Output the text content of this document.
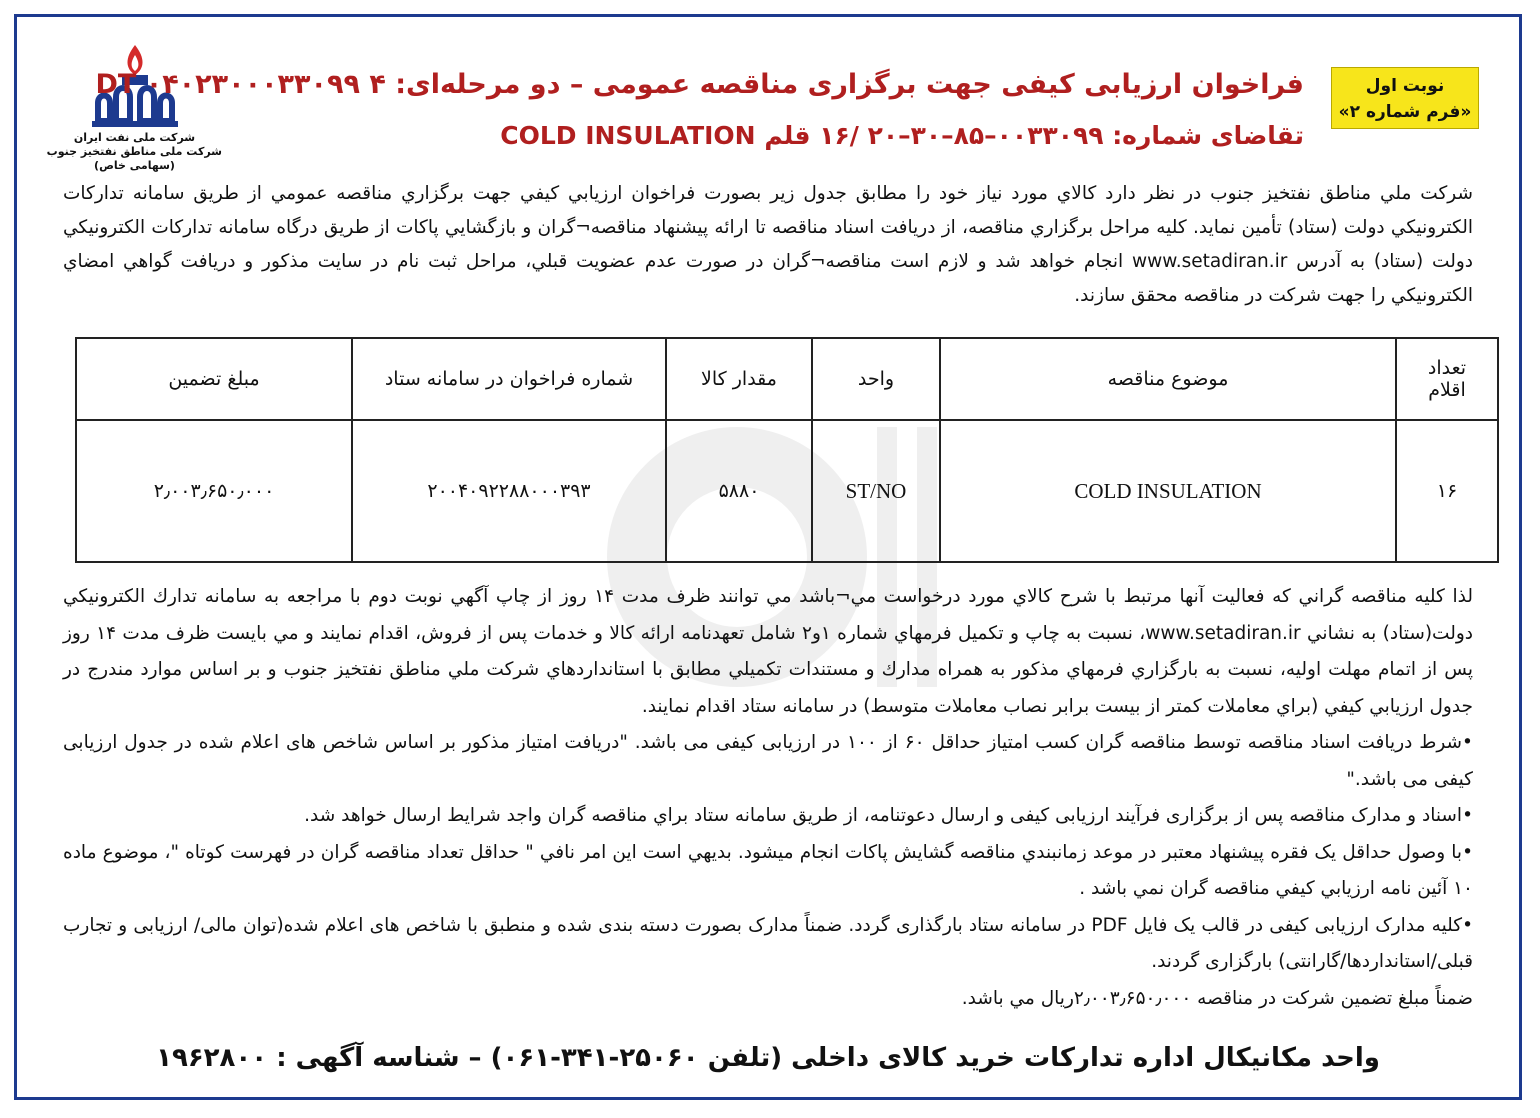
نوبت اول
«فرم شماره ۲»
شرکت ملی نفت ایران
شرکت ملی مناطق نفتخیز جنوب
(سهامی خاص)
فراخوان ارزیابی کیفی جهت برگزاری مناقصه عمومی – دو مرحله‌ای: ۴ DT ۰۴۰۲۳۰۰۰۳۳۰۹۹
تقاضای شماره: ۰۰۳۳۰۹۹–۸۵–۳۰–۲۰ /۱۶ قلم COLD INSULATION
شرکت ملي مناطق نفتخيز جنوب در نظر دارد کالاي مورد نياز خود را مطابق جدول زير بصورت فراخوان ارزيابي کيفي جهت برگزاري مناقصه عمومي از طريق سامانه تدارکات الکترونيکي دولت (ستاد) تأمين نمايد. کليه مراحل برگزاري مناقصه، از دريافت اسناد مناقصه تا ارائه پيشنهاد مناقصه¬گران و بازگشايي پاکات از طريق درگاه سامانه تدارکات الکترونيکي دولت (ستاد) به آدرس www.setadiran.ir انجام خواهد شد و لازم است مناقصه¬گران در صورت عدم عضويت قبلي، مراحل ثبت نام در سايت مذکور و دريافت گواهي امضاي الکترونيکي را جهت شرکت در مناقصه محقق سازند.
تعداد
اقلام	موضوع مناقصه	واحد	مقدار کالا	شماره فراخوان در سامانه ستاد	مبلغ تضمین
۱۶	COLD INSULATION	ST/NO	۵۸۸۰	۲۰۰۴۰۹۲۲۸۸۰۰۰۳۹۳	۲٫۰۰۳٫۶۵۰٫۰۰۰

لذا کليه مناقصه گراني که فعاليت آنها مرتبط با شرح کالاي مورد درخواست مي¬باشد مي توانند ظرف مدت ۱۴ روز از چاپ آگهي نوبت دوم با مراجعه به سامانه تدارك الكترونيكي دولت(ستاد) به نشاني www.setadiran.ir، نسبت به چاپ و تکميل فرمهاي شماره ۱و۲ شامل تعهدنامه ارائه کالا و خدمات پس از فروش، اقدام نمايند و مي بايست ظرف مدت ۱۴ روز پس از اتمام مهلت اوليه، نسبت به بارگزاري فرمهاي مذکور به همراه مدارك و مستندات تكميلي مطابق با استانداردهاي شركت ملي مناطق نفتخيز جنوب و بر اساس موارد مندرج در جدول ارزيابي كيفي (براي معاملات کمتر از بيست برابر نصاب معاملات متوسط) در سامانه ستاد اقدام نمايند.

•شرط دریافت اسناد مناقصه توسط مناقصه گران کسب امتیاز حداقل ۶۰ از ۱۰۰ در ارزیابی کیفی می باشد. "دریافت امتیاز مذکور بر اساس شاخص های اعلام شده در جدول ارزیابی کیفی می باشد."

•اسناد و مدارک مناقصه پس از برگزاری فرآيند ارزيابی کيفی و ارسال دعوتنامه، از طریق سامانه ستاد براي مناقصه گران واجد شرايط ارسال خواهد شد.

•با وصول حداقل يک فقره پيشنهاد معتبر در موعد زمانبندي مناقصه گشايش پاکات انجام ميشود. بديهي است اين امر نافي " حداقل تعداد مناقصه گران در فهرست کوتاه "، موضوع ماده ۱۰ آئين نامه ارزيابي کيفي مناقصه گران نمي باشد .

•کلیه مدارک ارزیابی کیفی در قالب یک فایل PDF در سامانه ستاد بارگذاری گردد. ضمناً مدارک بصورت دسته بندی شده و منطبق با شاخص های اعلام شده(توان مالی/ ارزیابی و تجارب قبلی/استانداردها/گارانتی) بارگزاری گردند.

ضمناً مبلغ تضمين شركت در مناقصه ۲٫۰۰۳٫۶۵۰٫۰۰۰ریال مي باشد.

واحد مکانیکال اداره تدارکات خرید کالای داخلی (تلفن ۲۵۰۶۰-۳۴۱-۰۶۱) – شناسه آگهی : ۱۹۶۲۸۰۰
